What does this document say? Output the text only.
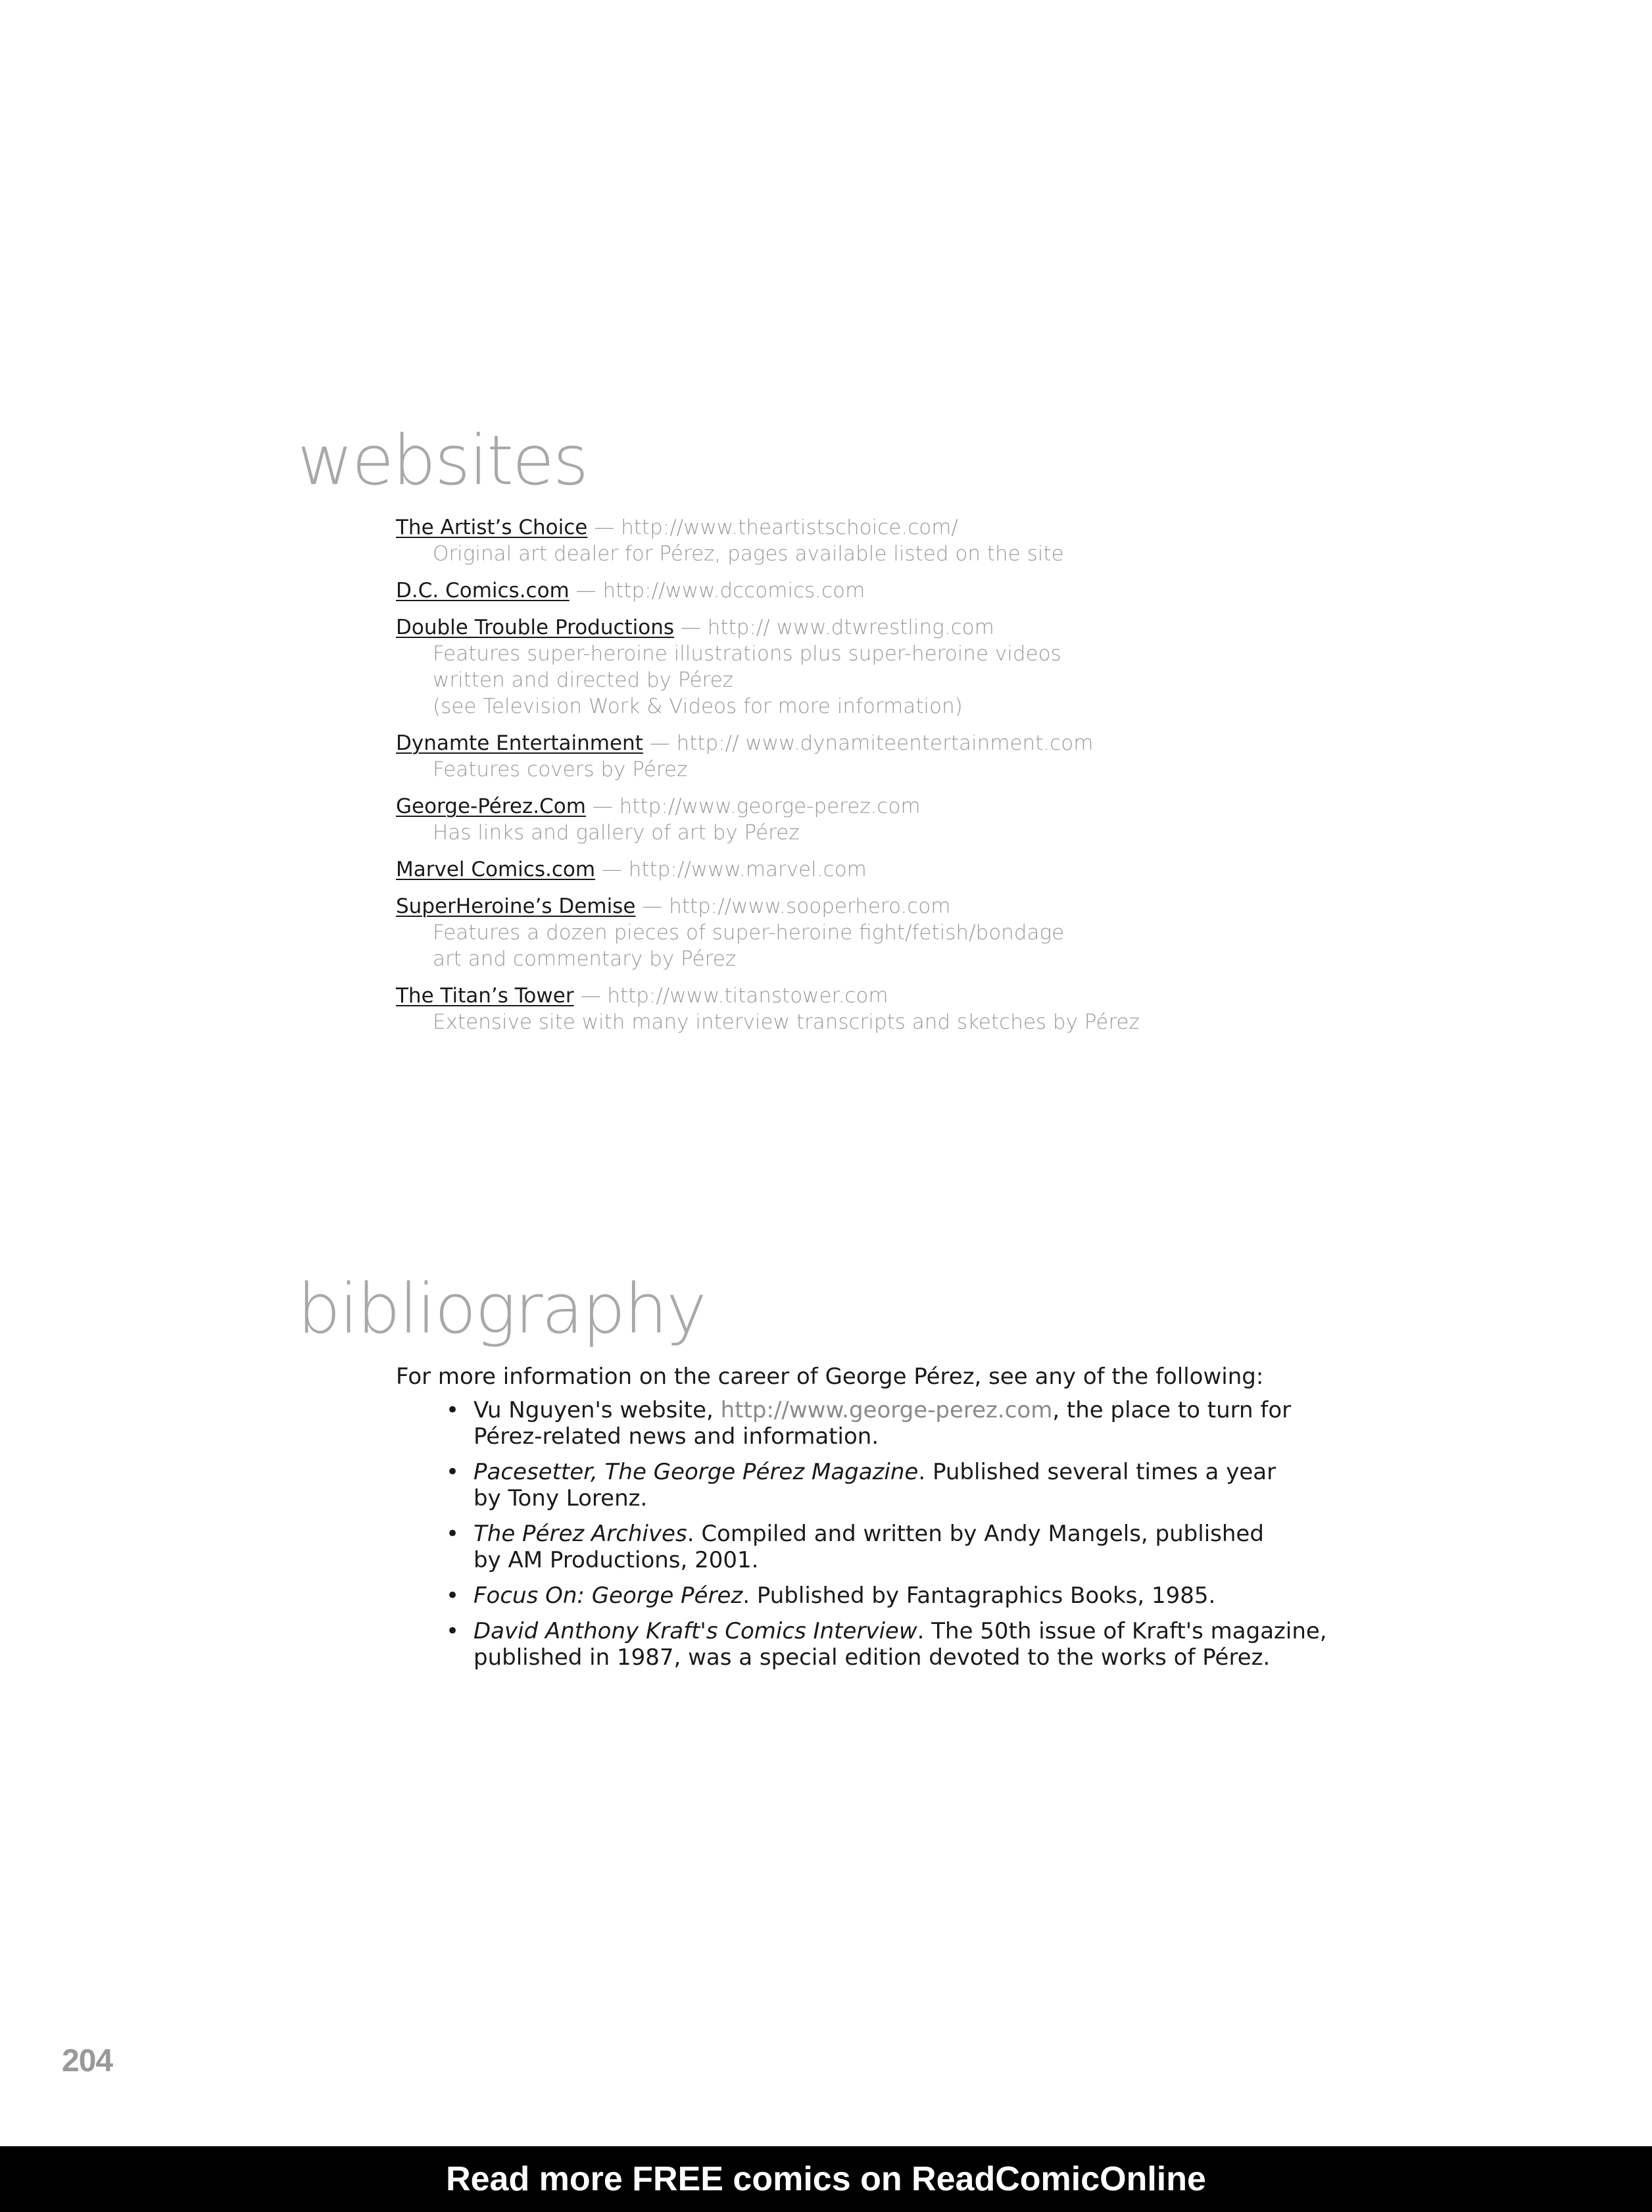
websites
The Artist’s Choice — http://www.theartistschoice.com/
Original art dealer for Pérez, pages available listed on the site
D.C. Comics.com — http://www.dccomics.com
Double Trouble Productions — http:// www.dtwrestling.com
Features super-heroine illustrations plus super-heroine videos
written and directed by Pérez
(see Television Work & Videos for more information)
Dynamte Entertainment — http:// www.dynamiteentertainment.com
Features covers by Pérez
George-Pérez.Com — http://www.george-perez.com
Has links and gallery of art by Pérez
Marvel Comics.com — http://www.marvel.com
SuperHeroine’s Demise — http://www.sooperhero.com
Features a dozen pieces of super-heroine fight/fetish/bondage
art and commentary by Pérez
The Titan’s Tower — http://www.titanstower.com
Extensive site with many interview transcripts and sketches by Pérez
bibliography

For more information on the career of George Pérez, see any of the following:

• Vu Nguyen's website, http://www.george-perez.com, the place to turn for
Pérez-related news and information.
• Pacesetter, The George Pérez Magazine. Published several times a year
by Tony Lorenz.
• The Pérez Archives. Compiled and written by Andy Mangels, published
by AM Productions, 2001.
• Focus On: George Pérez. Published by Fantagraphics Books, 1985.
• David Anthony Kraft's Comics Interview. The 50th issue of Kraft's magazine,
published in 1987, was a special edition devoted to the works of Pérez.
204
Read more FREE comics on ReadComicOnline
